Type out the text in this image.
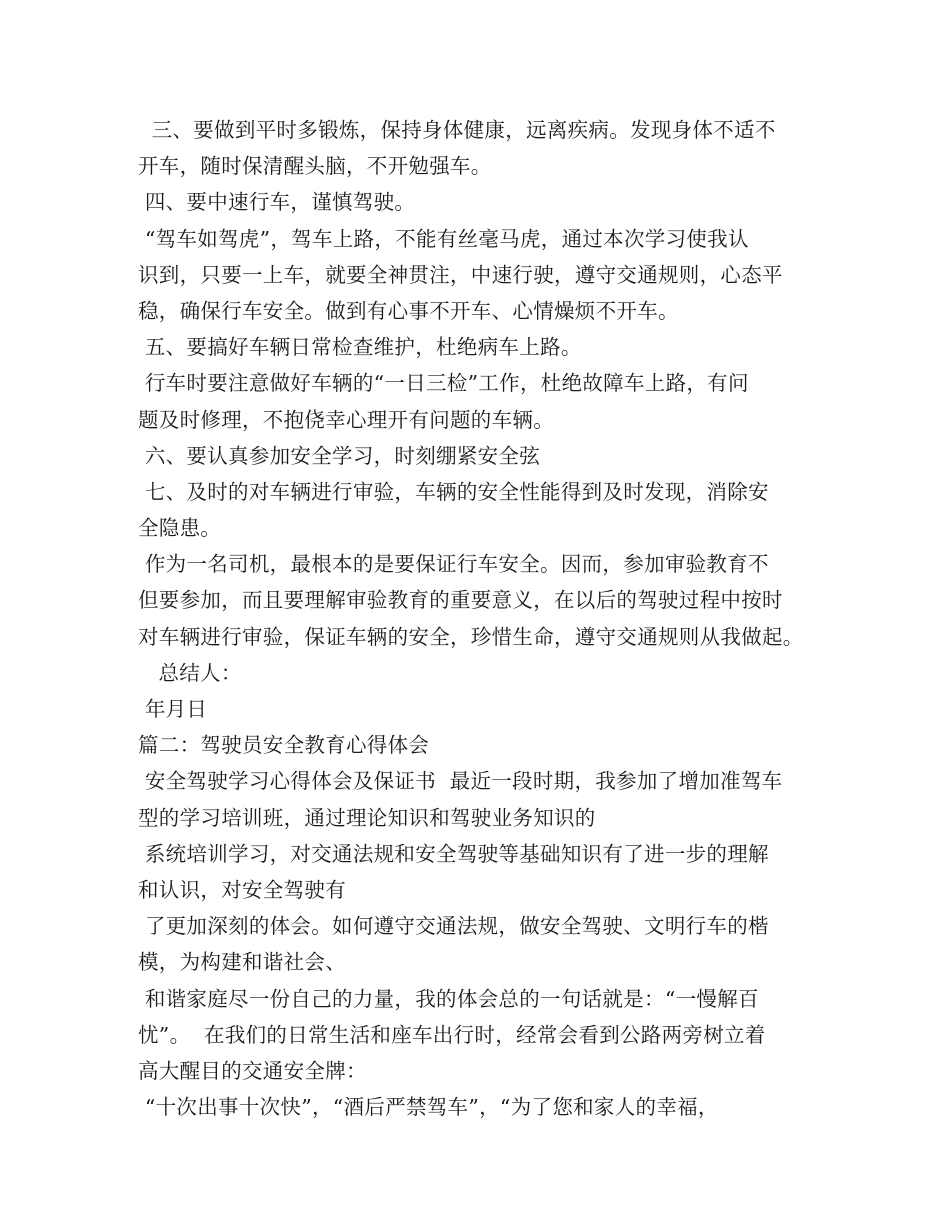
三、要做到平时多锻炼，保持身体健康，远离疾病。发现身体不适不
开车，随时保清醒头脑，不开勉强车。
四、要中速行车，谨慎驾驶。
“驾车如驾虎”，驾车上路，不能有丝毫马虎，通过本次学习使我认
识到，只要一上车，就要全神贯注，中速行驶，遵守交通规则，心态平
稳，确保行车安全。做到有心事不开车、心情燥烦不开车。
五、要搞好车辆日常检查维护，杜绝病车上路。
行车时要注意做好车辆的“一日三检”工作，杜绝故障车上路，有问
题及时修理，不抱侥幸心理开有问题的车辆。
六、要认真参加安全学习，时刻绷紧安全弦
七、及时的对车辆进行审验，车辆的安全性能得到及时发现，消除安
全隐患。
作为一名司机，最根本的是要保证行车安全。因而，参加审验教育不
但要参加，而且要理解审验教育的重要意义，在以后的驾驶过程中按时
对车辆进行审验，保证车辆的安全，珍惜生命，遵守交通规则从我做起。
总结人：
年月日
篇二：驾驶员安全教育心得体会
安全驾驶学习心得体会及保证书  最近一段时期，我参加了增加准驾车
型的学习培训班，通过理论知识和驾驶业务知识的
系统培训学习，对交通法规和安全驾驶等基础知识有了进一步的理解
和认识，对安全驾驶有
了更加深刻的体会。如何遵守交通法规，做安全驾驶、文明行车的楷
模，为构建和谐社会、
和谐家庭尽一份自己的力量，我的体会总的一句话就是：“一慢解百
忧”。  在我们的日常生活和座车出行时，经常会看到公路两旁树立着
高大醒目的交通安全牌：
“十次出事十次快”，“酒后严禁驾车”，“为了您和家人的幸福，
